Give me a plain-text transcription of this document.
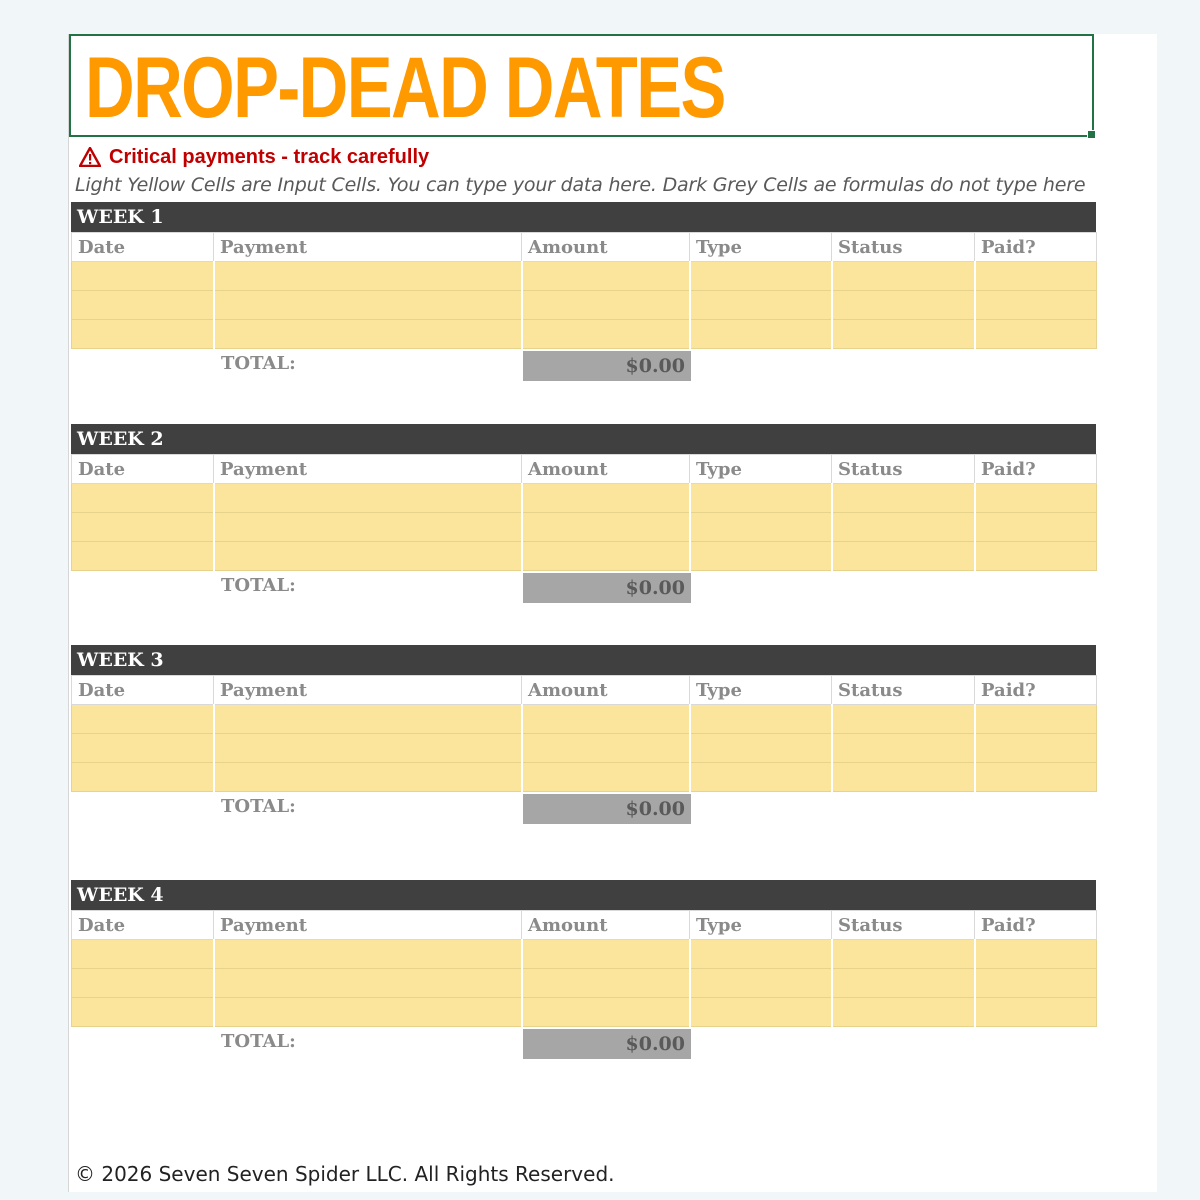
DROP-DEAD DATES
Critical payments - track carefully
Light Yellow Cells are Input Cells. You can type your data here. Dark Grey Cells ae formulas do not type here
WEEK 1
Date	Payment	Amount	Type	Status	Paid?

TOTAL:	$0.00
WEEK 2
Date	Payment	Amount	Type	Status	Paid?

TOTAL:	$0.00
WEEK 3
Date	Payment	Amount	Type	Status	Paid?

TOTAL:	$0.00
WEEK 4
Date	Payment	Amount	Type	Status	Paid?

TOTAL:	$0.00
© 2026 Seven Seven Spider LLC. All Rights Reserved.
